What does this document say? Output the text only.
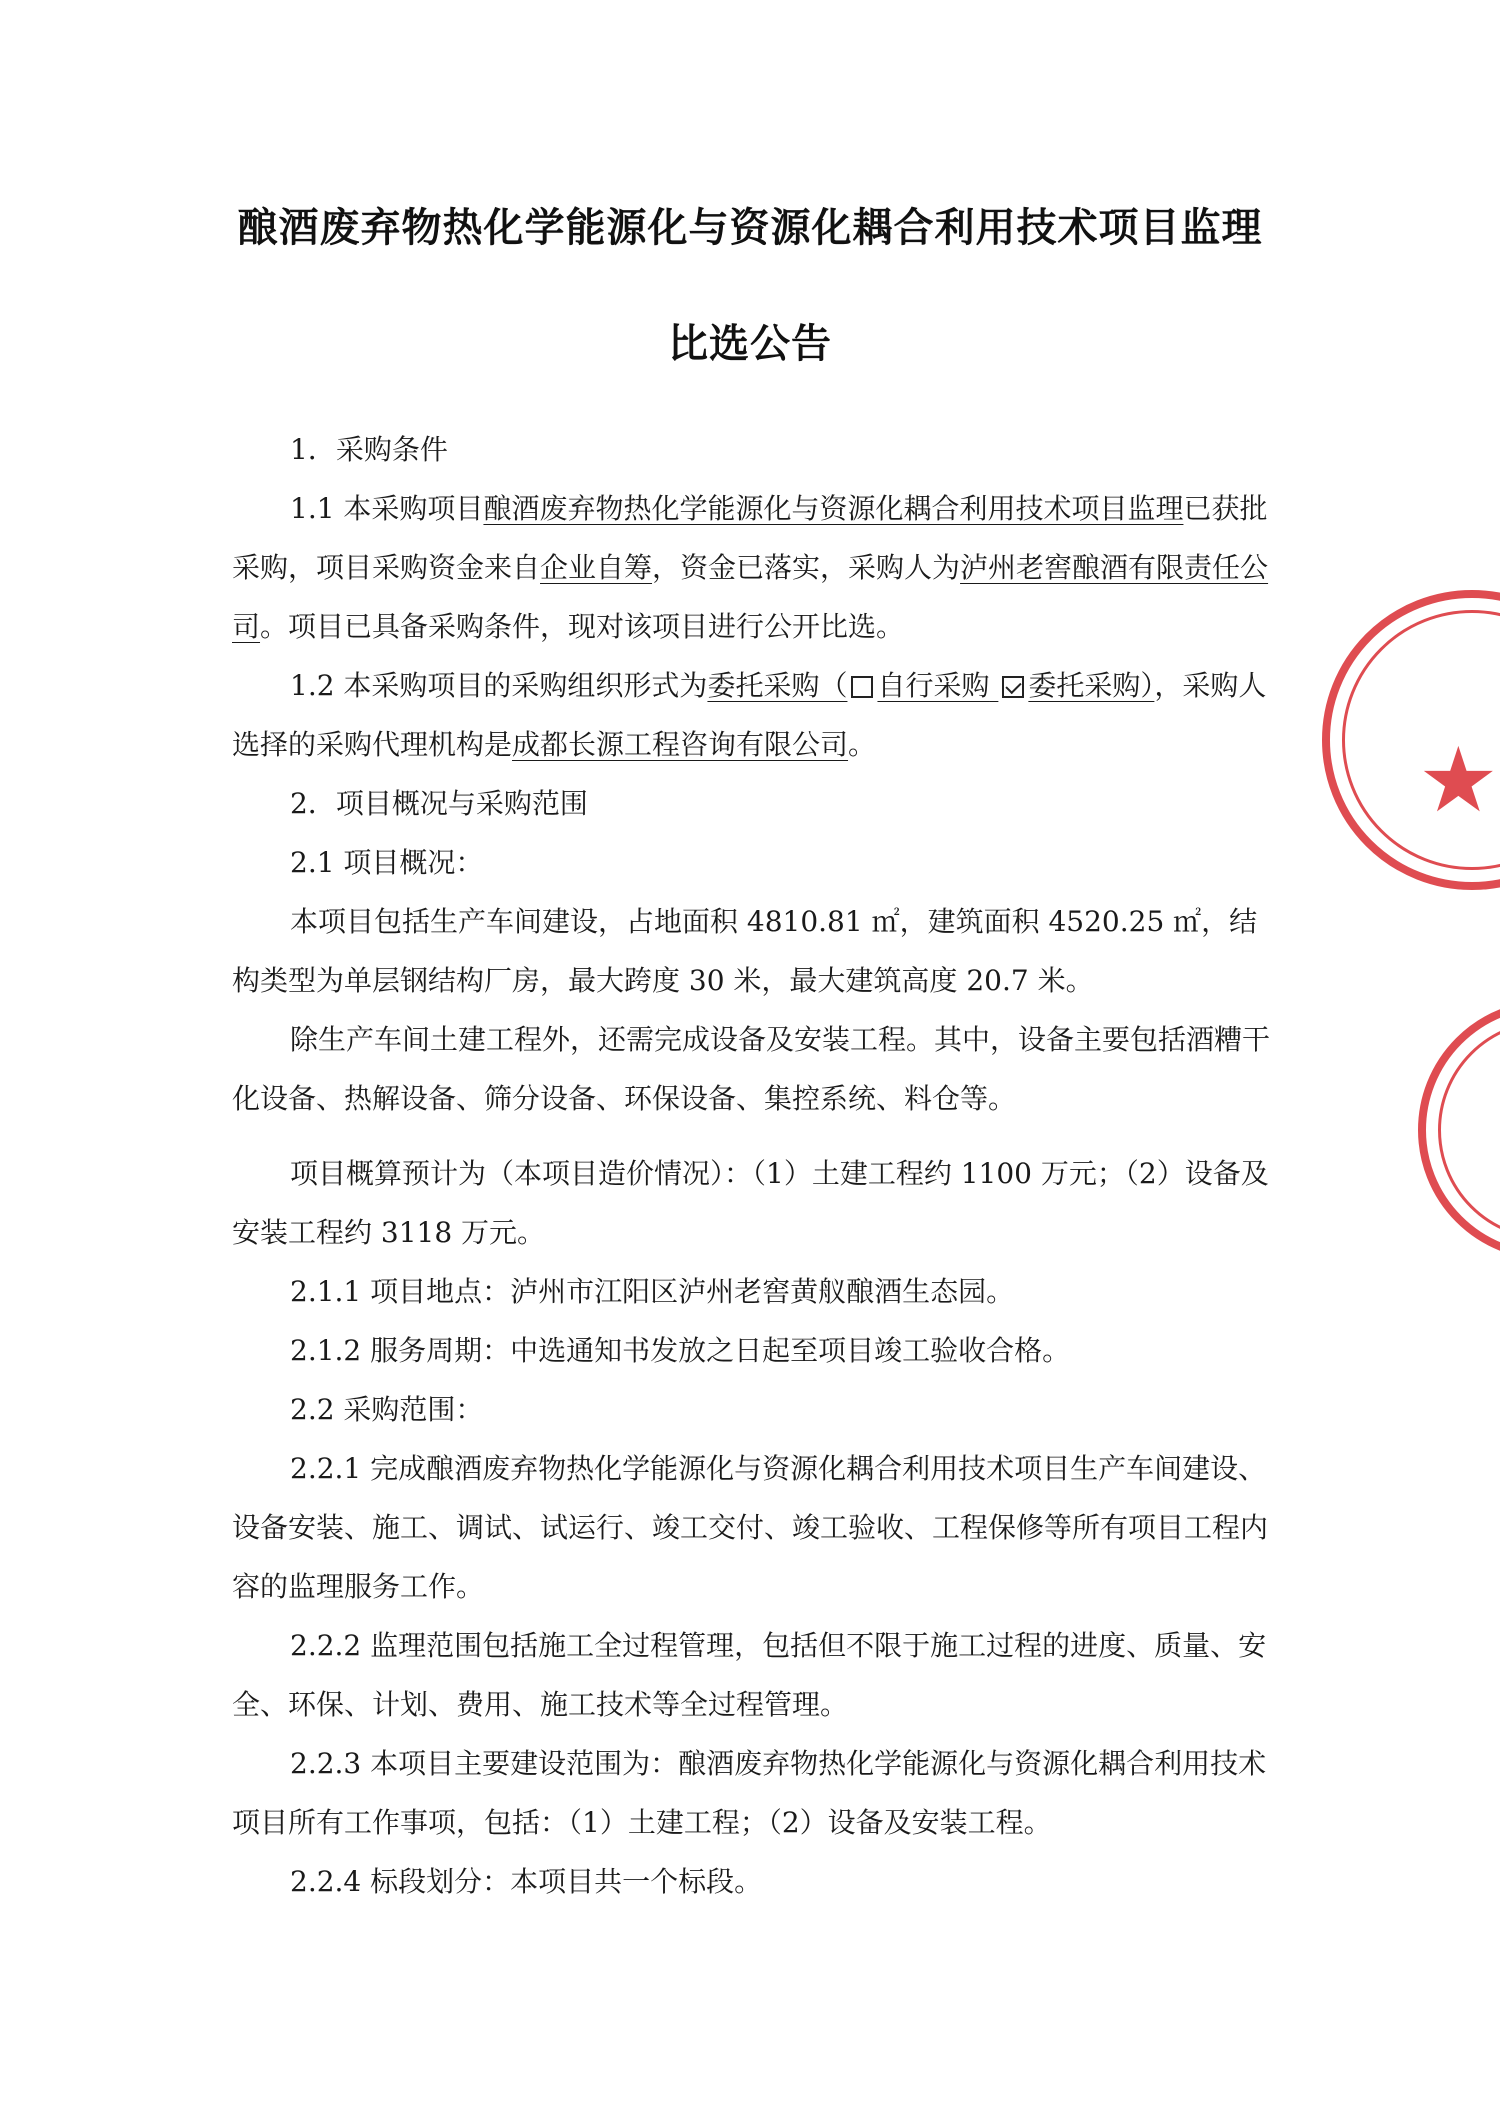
酿酒废弃物热化学能源化与资源化耦合利用技术项目监理
比选公告

1．采购条件

1.1 本采购项目酿酒废弃物热化学能源化与资源化耦合利用技术项目监理已获批采购，项目采购资金来自企业自筹，资金已落实，采购人为泸州老窖酿酒有限责任公司。项目已具备采购条件，现对该项目进行公开比选。

1.2 本采购项目的采购组织形式为委托采购（ 自行采购 委托采购），采购人选择的采购代理机构是成都长源工程咨询有限公司。

2．项目概况与采购范围

2.1 项目概况：

本项目包括生产车间建设，占地面积 4810.81 ㎡，建筑面积 4520.25 ㎡，结构类型为单层钢结构厂房，最大跨度 30 米，最大建筑高度 20.7 米。

除生产车间土建工程外，还需完成设备及安装工程。其中，设备主要包括酒糟干化设备、热解设备、筛分设备、环保设备、集控系统、料仓等。

项目概算预计为（本项目造价情况）：（1）土建工程约 1100 万元；（2）设备及安装工程约 3118 万元。

2.1.1 项目地点：泸州市江阳区泸州老窖黄舣酿酒生态园。

2.1.2 服务周期：中选通知书发放之日起至项目竣工验收合格。

2.2 采购范围：

2.2.1 完成酿酒废弃物热化学能源化与资源化耦合利用技术项目生产车间建设、设备安装、施工、调试、试运行、竣工交付、竣工验收、工程保修等所有项目工程内容的监理服务工作。

2.2.2 监理范围包括施工全过程管理，包括但不限于施工过程的进度、质量、安全、环保、计划、费用、施工技术等全过程管理。

2.2.3 本项目主要建设范围为：酿酒废弃物热化学能源化与资源化耦合利用技术项目所有工作事项，包括：（1）土建工程；（2）设备及安装工程。

2.2.4 标段划分：本项目共一个标段。

★
